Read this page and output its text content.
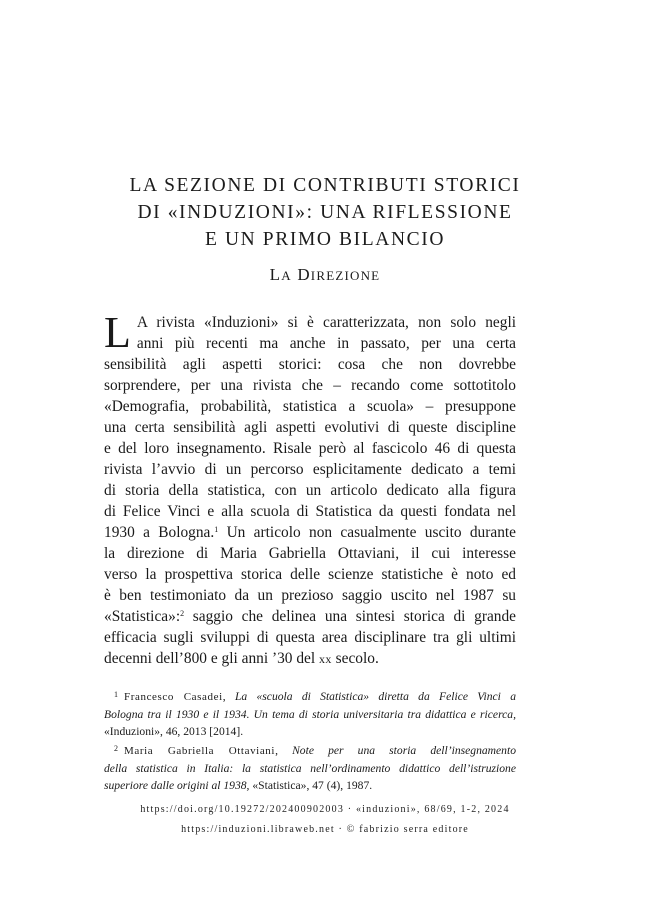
LA SEZIONE DI CONTRIBUTI STORICI
DI «INDUZIONI»: UNA RIFLESSIONE
E UN PRIMO BILANCIO
LA DIREZIONE
L A rivista «Induzioni» si è caratterizzata, non solo negli
anni più recenti ma anche in passato, per una certa
sensibilità agli aspetti storici: cosa che non dovrebbe
sorprendere, per una rivista che – recando come sottotitolo
«Demografia, probabilità, statistica a scuola» – presuppone
una certa sensibilità agli aspetti evolutivi di queste discipline
e del loro insegnamento. Risale però al fascicolo 46 di questa
rivista l’avvio di un percorso esplicitamente dedicato a temi
di storia della statistica, con un articolo dedicato alla figura
di Felice Vinci e alla scuola di Statistica da questi fondata nel
1930 a Bologna.$^1$ Un articolo non casualmente uscito durante
la direzione di Maria Gabriella Ottaviani, il cui interesse
verso la prospettiva storica delle scienze statistiche è noto ed
è ben testimoniato da un prezioso saggio uscito nel 1987 su
«Statistica»:$^2$ saggio che delinea una sintesi storica di grande
efficacia sugli sviluppi di questa area disciplinare tra gli ultimi
decenni dell’800 e gli anni ’30 del xx secolo.
$^1$ Francesco Casadei, La «scuola di Statistica» diretta da Felice Vinci a
Bologna tra il 1930 e il 1934. Un tema di storia universitaria tra didattica e ricerca,
«Induzioni», 46, 2013 [2014].
$^2$ Maria Gabriella Ottaviani, Note per una storia dell’insegnamento
della statistica in Italia: la statistica nell’ordinamento didattico dell’istruzione
superiore dalle origini al 1938, «Statistica», 47 (4), 1987.
https://doi.org/10.19272/202400902003 · «induzioni», 68/69, 1-2, 2024
https://induzioni.libraweb.net · © fabrizio serra editore
